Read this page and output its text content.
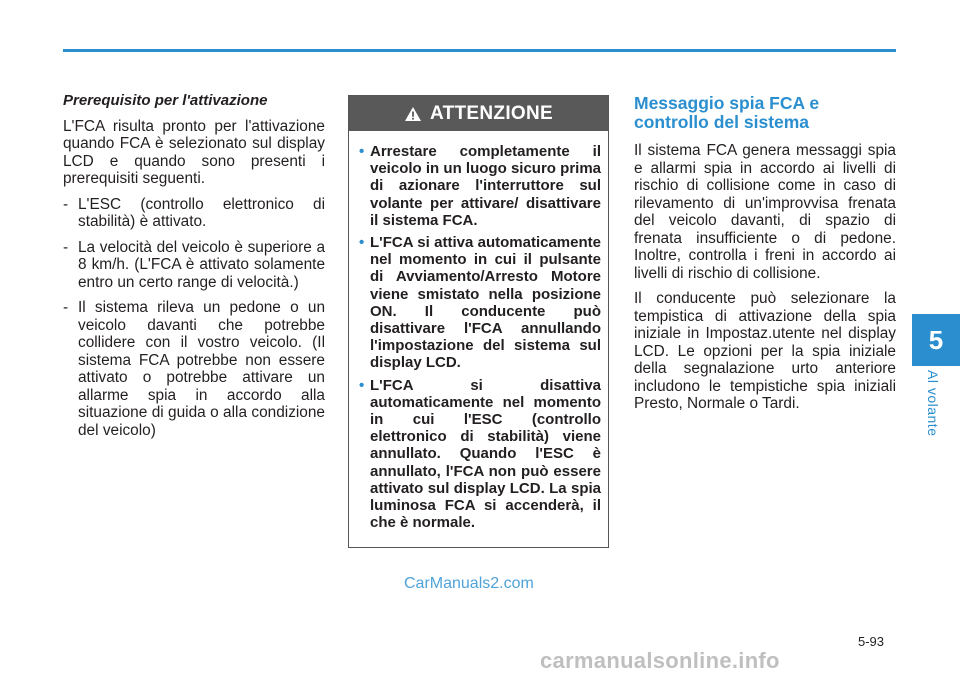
5
Al volante

Prerequisito per l'attivazione

L'FCA risulta pronto per l'attivazione quando FCA è selezionato sul display LCD e quando sono presenti i prerequisiti seguenti.

- L'ESC (controllo elettronico di stabilità) è attivato.
- La velocità del veicolo è superiore a 8 km/h. (L'FCA è attivato solamente entro un certo range di velocità.)
- Il sistema rileva un pedone o un veicolo davanti che potrebbe collidere con il vostro veicolo. (Il sistema FCA potrebbe non essere attivato o potrebbe attivare un allarme spia in accordo alla situazione di guida o alla condizione del veicolo)
ATTENZIONE
• Arrestare completamente il veicolo in un luogo sicuro prima di azionare l'interruttore sul volante per attivare/ disattivare il sistema FCA.
• L'FCA si attiva automaticamente nel momento in cui il pulsante di Avviamento/Arresto Motore viene smistato nella posizione ON. Il conducente può disattivare l'FCA annullando l'impostazione del sistema sul display LCD.
• L'FCA si disattiva automaticamente nel momento in cui l'ESC (controllo elettronico di stabilità) viene annullato. Quando l'ESC è annullato, l'FCA non può essere attivato sul display LCD. La spia luminosa FCA si accenderà, il che è normale.
Messaggio spia FCA e controllo del sistema

Il sistema FCA genera messaggi spia e allarmi spia in accordo ai livelli di rischio di collisione come in caso di rilevamento di un'improvvisa frenata del veicolo davanti, di spazio di frenata insufficiente o di pedone. Inoltre, controlla i freni in accordo ai livelli di rischio di collisione.

Il conducente può selezionare la tempistica di attivazione della spia iniziale in Impostaz.utente nel display LCD. Le opzioni per la spia iniziale della segnalazione urto anteriore includono le tempistiche spia iniziali Presto, Normale o Tardi.

CarManuals2.com
5-93
carmanualsonline.info
